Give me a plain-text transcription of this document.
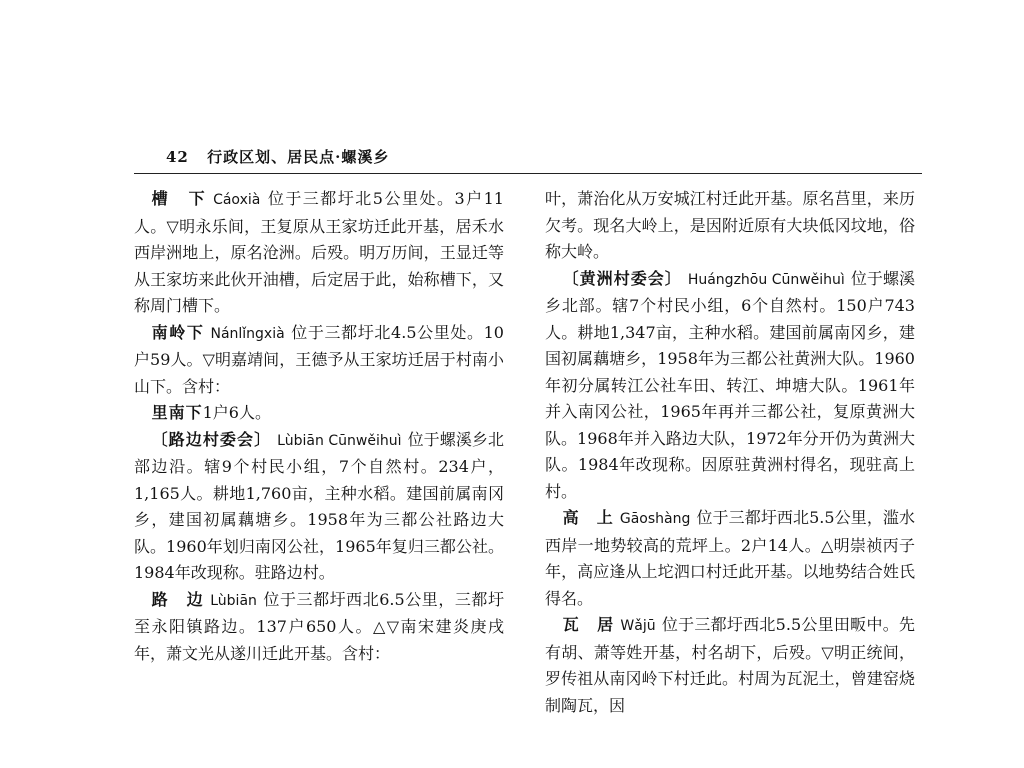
42 行政区划、居民点·螺溪乡

槽　下 Cáoxià 位于三都圩北5公里处。3户11人。▽明永乐间，王复原从王家坊迁此开基，居禾水西岸洲地上，原名沧洲。后殁。明万历间，王显迁等从王家坊来此伙开油槽，后定居于此，始称槽下，又称周门槽下。

南岭下 Nánlǐngxià 位于三都圩北4.5公里处。10户59人。▽明嘉靖间，王德予从王家坊迁居于村南小山下。含村：

里南下1户6人。

〔路边村委会〕 Lùbiān Cūnwěihuì 位于螺溪乡北部边沿。辖9个村民小组，7个自然村。234户，1,165人。耕地1,760亩，主种水稻。建国前属南冈乡，建国初属藕塘乡。1958年为三都公社路边大队。1960年划归南冈公社，1965年复归三都公社。1984年改现称。驻路边村。

路　边 Lùbiān 位于三都圩西北6.5公里，三都圩至永阳镇路边。137户650人。△▽南宋建炎庚戌年，萧文光从遂川迁此开基。含村：

叶，萧治化从万安城江村迁此开基。原名莒里，来历欠考。现名大岭上，是因附近原有大块低冈坟地，俗称大岭。

〔黄洲村委会〕 Huángzhōu Cūnwěihuì 位于螺溪乡北部。辖7个村民小组，6个自然村。150户743人。耕地1,347亩，主种水稻。建国前属南冈乡，建国初属藕塘乡，1958年为三都公社黄洲大队。1960年初分属转江公社车田、转江、坤塘大队。1961年并入南冈公社，1965年再并三都公社，复原黄洲大队。1968年并入路边大队，1972年分开仍为黄洲大队。1984年改现称。因原驻黄洲村得名，现驻高上村。

高　上 Gāoshàng 位于三都圩西北5.5公里，滥水西岸一地势较高的荒坪上。2户14人。△明崇祯丙子年，高应逢从上坨泗口村迁此开基。以地势结合姓氏得名。

瓦　居 Wǎjū 位于三都圩西北5.5公里田畈中。先有胡、萧等姓开基，村名胡下，后殁。▽明正统间，罗传祖从南冈岭下村迁此。村周为瓦泥土，曾建窑烧制陶瓦，因
